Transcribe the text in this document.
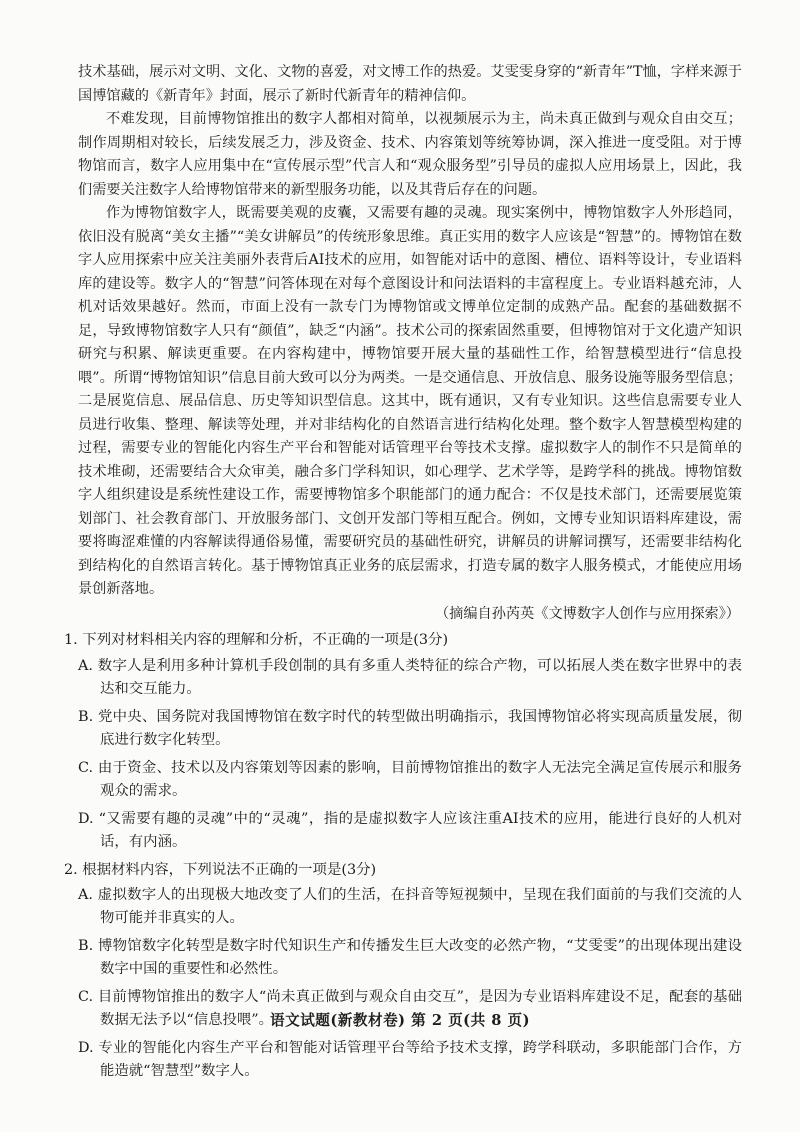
技术基础，展示对文明、文化、文物的喜爱，对文博工作的热爱。艾雯雯身穿的“新青年”T恤，字样来源于国博馆藏的《新青年》封面，展示了新时代新青年的精神信仰。

不难发现，目前博物馆推出的数字人都相对简单，以视频展示为主，尚未真正做到与观众自由交互；制作周期相对较长，后续发展乏力，涉及资金、技术、内容策划等统筹协调，深入推进一度受阻。对于博物馆而言，数字人应用集中在“宣传展示型”代言人和“观众服务型”引导员的虚拟人应用场景上，因此，我们需要关注数字人给博物馆带来的新型服务功能，以及其背后存在的问题。

作为博物馆数字人，既需要美观的皮囊，又需要有趣的灵魂。现实案例中，博物馆数字人外形趋同，依旧没有脱离“美女主播”“美女讲解员”的传统形象思维。真正实用的数字人应该是“智慧”的。博物馆在数字人应用探索中应关注美丽外表背后AI技术的应用，如智能对话中的意图、槽位、语料等设计，专业语料库的建设等。数字人的“智慧”问答体现在对每个意图设计和问法语料的丰富程度上。专业语料越充沛，人机对话效果越好。然而，市面上没有一款专门为博物馆或文博单位定制的成熟产品。配套的基础数据不足，导致博物馆数字人只有“颜值”，缺乏“内涵”。技术公司的探索固然重要，但博物馆对于文化遗产知识研究与积累、解读更重要。在内容构建中，博物馆要开展大量的基础性工作，给智慧模型进行“信息投喂”。所谓“博物馆知识”信息目前大致可以分为两类。一是交通信息、开放信息、服务设施等服务型信息；二是展览信息、展品信息、历史等知识型信息。这其中，既有通识，又有专业知识。这些信息需要专业人员进行收集、整理、解读等处理，并对非结构化的自然语言进行结构化处理。整个数字人智慧模型构建的过程，需要专业的智能化内容生产平台和智能对话管理平台等技术支撑。虚拟数字人的制作不只是简单的技术堆砌，还需要结合大众审美，融合多门学科知识，如心理学、艺术学等，是跨学科的挑战。博物馆数字人组织建设是系统性建设工作，需要博物馆多个职能部门的通力配合：不仅是技术部门，还需要展览策划部门、社会教育部门、开放服务部门、文创开发部门等相互配合。例如，文博专业知识语料库建设，需要将晦涩难懂的内容解读得通俗易懂，需要研究员的基础性研究，讲解员的讲解词撰写，还需要非结构化到结构化的自然语言转化。基于博物馆真正业务的底层需求，打造专属的数字人服务模式，才能使应用场景创新落地。

（摘编自孙芮英《文博数字人创作与应用探索》）

1. 下列对材料相关内容的理解和分析，不正确的一项是(3分)

A. 数字人是利用多种计算机手段创制的具有多重人类特征的综合产物，可以拓展人类在数字世界中的表达和交互能力。

B. 党中央、国务院对我国博物馆在数字时代的转型做出明确指示，我国博物馆必将实现高质量发展，彻底进行数字化转型。

C. 由于资金、技术以及内容策划等因素的影响，目前博物馆推出的数字人无法完全满足宣传展示和服务观众的需求。

D. “又需要有趣的灵魂”中的“灵魂”，指的是虚拟数字人应该注重AI技术的应用，能进行良好的人机对话，有内涵。

2. 根据材料内容，下列说法不正确的一项是(3分)

A. 虚拟数字人的出现极大地改变了人们的生活，在抖音等短视频中，呈现在我们面前的与我们交流的人物可能并非真实的人。

B. 博物馆数字化转型是数字时代知识生产和传播发生巨大改变的必然产物，“艾雯雯”的出现体现出建设数字中国的重要性和必然性。

C. 目前博物馆推出的数字人“尚未真正做到与观众自由交互”，是因为专业语料库建设不足，配套的基础数据无法予以“信息投喂”。

D. 专业的智能化内容生产平台和智能对话管理平台等给予技术支撑，跨学科联动，多职能部门合作，方能造就“智慧型”数字人。

语文试题(新教材卷) 第 2 页(共 8 页)
